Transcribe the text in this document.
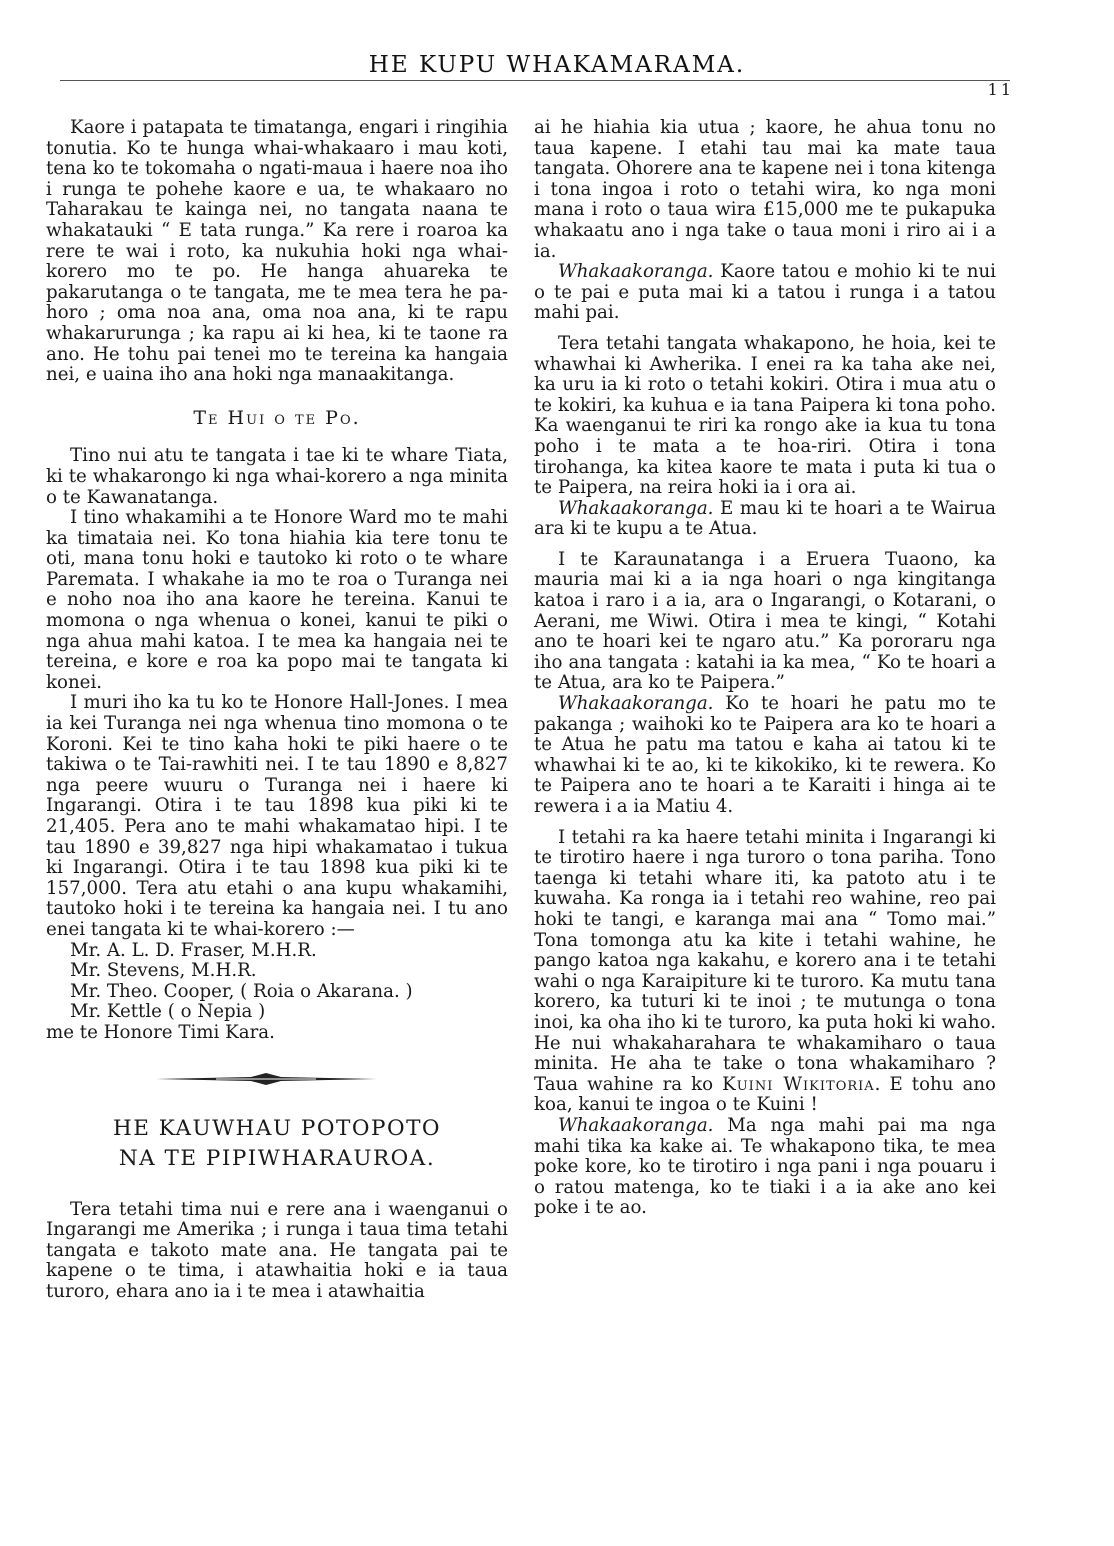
HE KUPU WHAKAMARAMA.
11

Kaore i patapata te timatanga, engari i ringihia tonutia. Ko te hunga whai-whakaaro i mau koti, tena ko te tokomaha o ngati-maua i haere noa iho i runga te pohehe kaore e ua, te whakaaro no Taharakau te kainga nei, no tangata naana te whakatauki “ E tata runga.” Ka rere i roaroa ka rere te wai i roto, ka nukuhia hoki nga whai-korero mo te po. He hanga ahuareka te pakarutanga o te tangata, me te mea tera he pa-horo ; oma noa ana, oma noa ana, ki te rapu whakarurunga ; ka rapu ai ki hea, ki te taone ra ano. He tohu pai tenei mo te tereina ka hangaia nei, e uaina iho ana hoki nga manaakitanga.

Te Hui o te Po.

Tino nui atu te tangata i tae ki te whare Tiata, ki te whakarongo ki nga whai-korero a nga minita o te Kawanatanga.

I tino whakamihi a te Honore Ward mo te mahi ka timataia nei. Ko tona hiahia kia tere tonu te oti, mana tonu hoki e tautoko ki roto o te whare Paremata. I whakahe ia mo te roa o Turanga nei e noho noa iho ana kaore he tereina. Kanui te momona o nga whenua o konei, kanui te piki o nga ahua mahi katoa. I te mea ka hangaia nei te tereina, e kore e roa ka popo mai te tangata ki konei.

I muri iho ka tu ko te Honore Hall-Jones. I mea ia kei Turanga nei nga whenua tino momona o te Koroni. Kei te tino kaha hoki te piki haere o te takiwa o te Tai-rawhiti nei. I te tau 1890 e 8,827 nga peere wuuru o Turanga nei i haere ki Ingarangi. Otira i te tau 1898 kua piki ki te 21,405. Pera ano te mahi whakamatao hipi. I te tau 1890 e 39,827 nga hipi whakamatao i tukua ki Ingarangi. Otira i te tau 1898 kua piki ki te 157,000. Tera atu etahi o ana kupu whakamihi, tautoko hoki i te tereina ka hangaia nei. I tu ano enei tangata ki te whai-korero :—

Mr. A. L. D. Fraser, M.H.R.
Mr. Stevens, M.H.R.
Mr. Theo. Cooper, ( Roia o Akarana. )
Mr. Kettle ( o Nepia )

me te Honore Timi Kara.

HE KAUWHAU POTOPOTO
NA TE PIPIWHARAUROA.

Tera tetahi tima nui e rere ana i waenganui o Ingarangi me Amerika ; i runga i taua tima tetahi tangata e takoto mate ana. He tangata pai te kapene o te tima, i atawhaitia hoki e ia taua turoro, ehara ano ia i te mea i atawhaitia

ai he hiahia kia utua ; kaore, he ahua tonu no taua kapene. I etahi tau mai ka mate taua tangata. Ohorere ana te kapene nei i tona kitenga i tona ingoa i roto o tetahi wira, ko nga moni mana i roto o taua wira £15,000 me te pukapuka whakaatu ano i nga take o taua moni i riro ai i a ia.

Whakaakoranga. Kaore tatou e mohio ki te nui o te pai e puta mai ki a tatou i runga i a tatou mahi pai.

Tera tetahi tangata whakapono, he hoia, kei te whawhai ki Awherika. I enei ra ka taha ake nei, ka uru ia ki roto o tetahi kokiri. Otira i mua atu o te kokiri, ka kuhua e ia tana Paipera ki tona poho. Ka waenganui te riri ka rongo ake ia kua tu tona poho i te mata a te hoa-riri. Otira i tona tirohanga, ka kitea kaore te mata i puta ki tua o te Paipera, na reira hoki ia i ora ai.

Whakaakoranga. E mau ki te hoari a te Wairua ara ki te kupu a te Atua.

I te Karaunatanga i a Eruera Tuaono, ka mauria mai ki a ia nga hoari o nga kingitanga katoa i raro i a ia, ara o Ingarangi, o Kotarani, o Aerani, me Wiwi. Otira i mea te kingi, “ Kotahi ano te hoari kei te ngaro atu.” Ka pororaru nga iho ana tangata : katahi ia ka mea, “ Ko te hoari a te Atua, ara ko te Paipera.”

Whakaakoranga. Ko te hoari he patu mo te pakanga ; waihoki ko te Paipera ara ko te hoari a te Atua he patu ma tatou e kaha ai tatou ki te whawhai ki te ao, ki te kikokiko, ki te rewera. Ko te Paipera ano te hoari a te Karaiti i hinga ai te rewera i a ia Matiu 4.

I tetahi ra ka haere tetahi minita i Ingarangi ki te tirotiro haere i nga turoro o tona pariha. Tono taenga ki tetahi whare iti, ka patoto atu i te kuwaha. Ka ronga ia i tetahi reo wahine, reo pai hoki te tangi, e karanga mai ana “ Tomo mai.” Tona tomonga atu ka kite i tetahi wahine, he pango katoa nga kakahu, e korero ana i te tetahi wahi o nga Karaipiture ki te turoro. Ka mutu tana korero, ka tuturi ki te inoi ; te mutunga o tona inoi, ka oha iho ki te turoro, ka puta hoki ki waho. He nui whakaharahara te whakamiharo o taua minita. He aha te take o tona whakamiharo ? Taua wahine ra ko Kuini Wikitoria. E tohu ano koa, kanui te ingoa o te Kuini !

Whakaakoranga. Ma nga mahi pai ma nga mahi tika ka kake ai. Te whakapono tika, te mea poke kore, ko te tirotiro i nga pani i nga pouaru i o ratou matenga, ko te tiaki i a ia ake ano kei poke i te ao.
